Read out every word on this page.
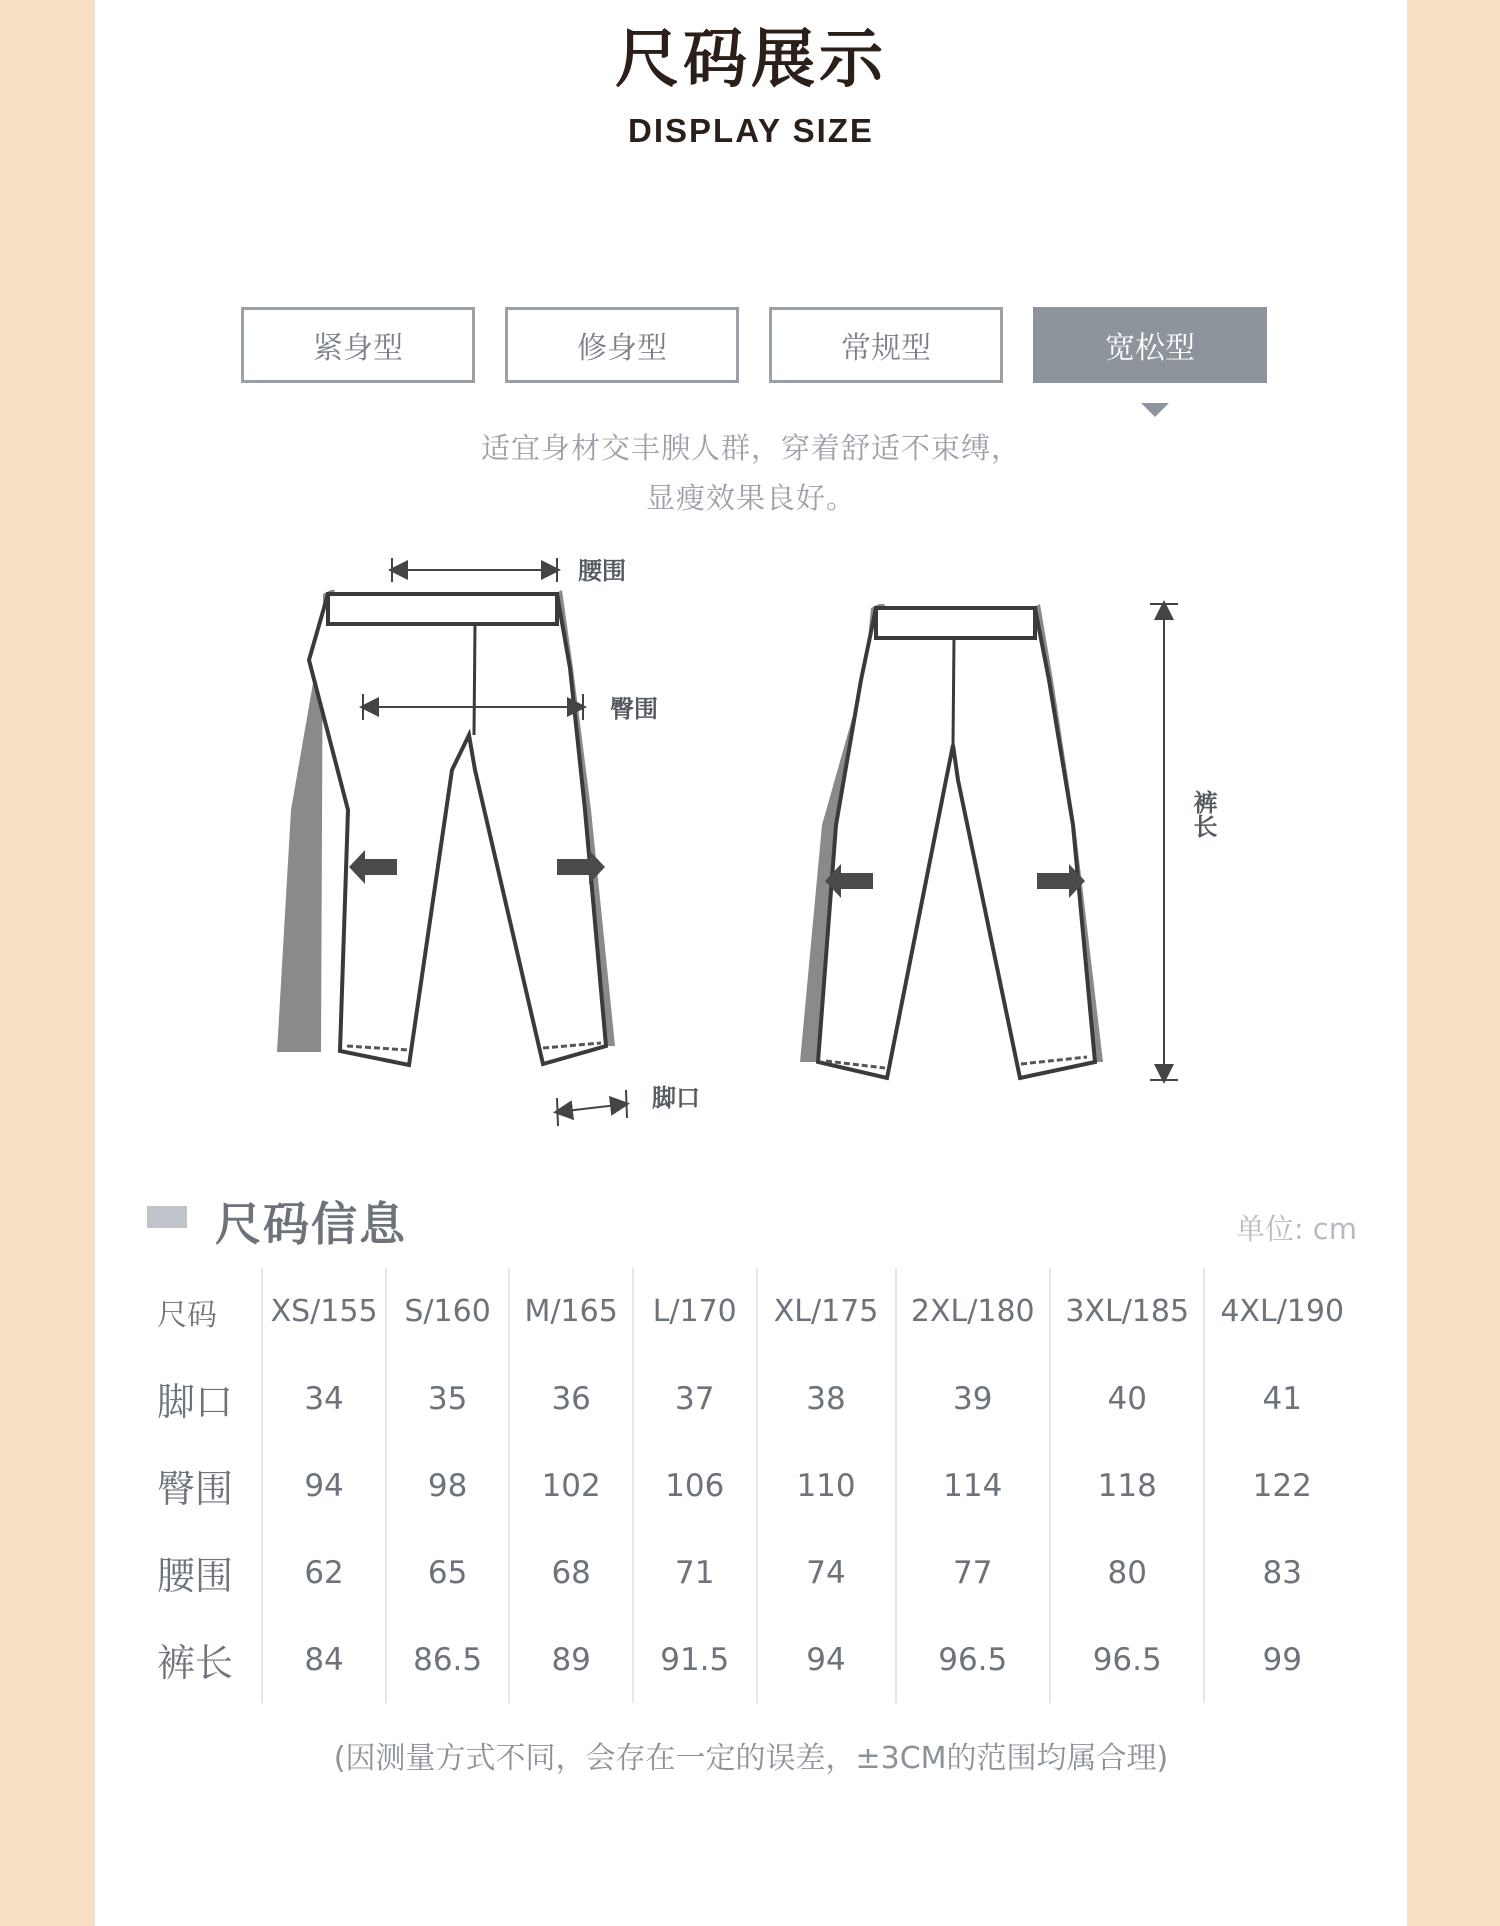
尺码展示
DISPLAY SIZE
紧身型	修身型	常规型	宽松型
适宜身材交丰腴人群，穿着舒适不束缚，
显瘦效果良好。
腰围
臀围
脚口
裤长
尺码信息	单位: cm
尺码	XS/155	S/160	M/165	L/170	XL/175	2XL/180	3XL/185	4XL/190
脚口	34	35	36	37	38	39	40	41
臀围	94	98	102	106	110	114	118	122
腰围	62	65	68	71	74	77	80	83
裤长	84	86.5	89	91.5	94	96.5	96.5	99
(因测量方式不同，会存在一定的误差，±3CM的范围均属合理)
